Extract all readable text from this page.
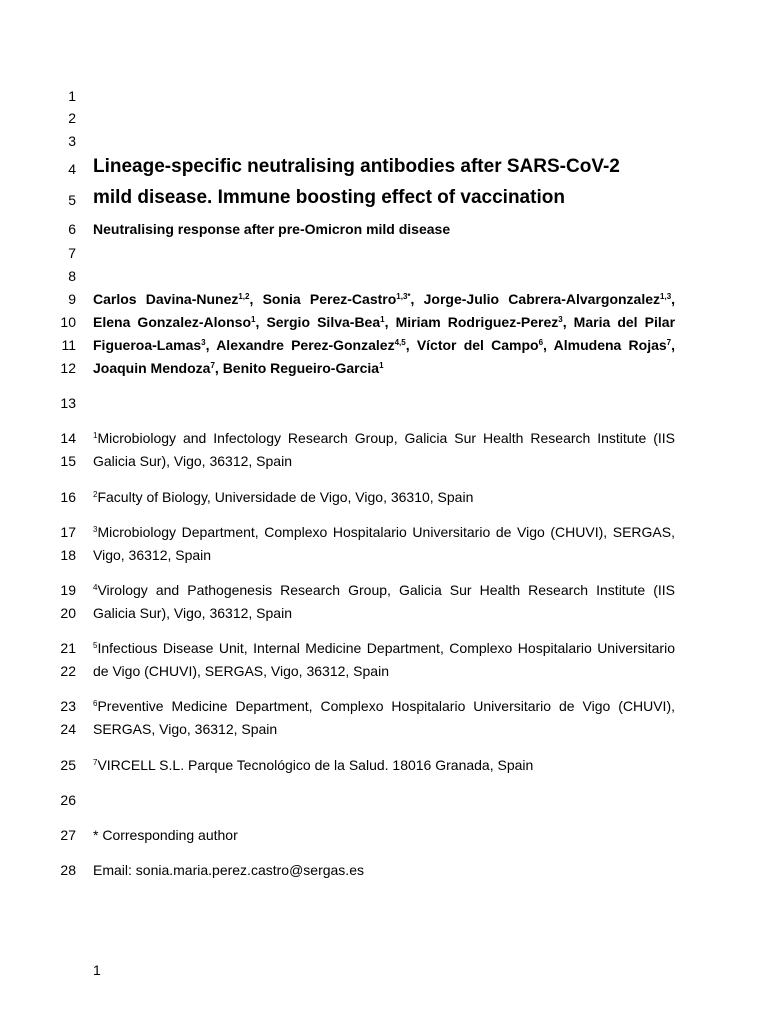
1
2
3
4
5
6
7
8
9
10
11
12
13
14
15
16
17
18
19
20
21
22
23
24
25
26
27
28
Lineage-specific neutralising antibodies after SARS-CoV-2
mild disease. Immune boosting effect of vaccination
Neutralising response after pre-Omicron mild disease
Carlos Davina-Nunez$^{1,2}$, Sonia Perez-Castro$^{1,3*}$, Jorge-Julio Cabrera-Alvargonzalez$^{1,3}$,
Elena Gonzalez-Alonso$^1$, Sergio Silva-Bea$^1$, Miriam Rodriguez-Perez$^3$, Maria del Pilar
Figueroa-Lamas$^3$, Alexandre Perez-Gonzalez$^{4,5}$, Víctor del Campo$^6$, Almudena Rojas$^7$,
Joaquin Mendoza$^7$, Benito Regueiro-Garcia$^1$
$^1$Microbiology and Infectology Research Group, Galicia Sur Health Research Institute (IIS
Galicia Sur), Vigo, 36312, Spain
$^2$Faculty of Biology, Universidade de Vigo, Vigo, 36310, Spain
$^3$Microbiology Department, Complexo Hospitalario Universitario de Vigo (CHUVI), SERGAS,
Vigo, 36312, Spain
$^4$Virology and Pathogenesis Research Group, Galicia Sur Health Research Institute (IIS
Galicia Sur), Vigo, 36312, Spain
$^5$Infectious Disease Unit, Internal Medicine Department, Complexo Hospitalario Universitario
de Vigo (CHUVI), SERGAS, Vigo, 36312, Spain
$^6$Preventive Medicine Department, Complexo Hospitalario Universitario de Vigo (CHUVI),
SERGAS, Vigo, 36312, Spain
$^7$VIRCELL S.L. Parque Tecnológico de la Salud. 18016 Granada, Spain
* Corresponding author
Email: sonia.maria.perez.castro@sergas.es
1
